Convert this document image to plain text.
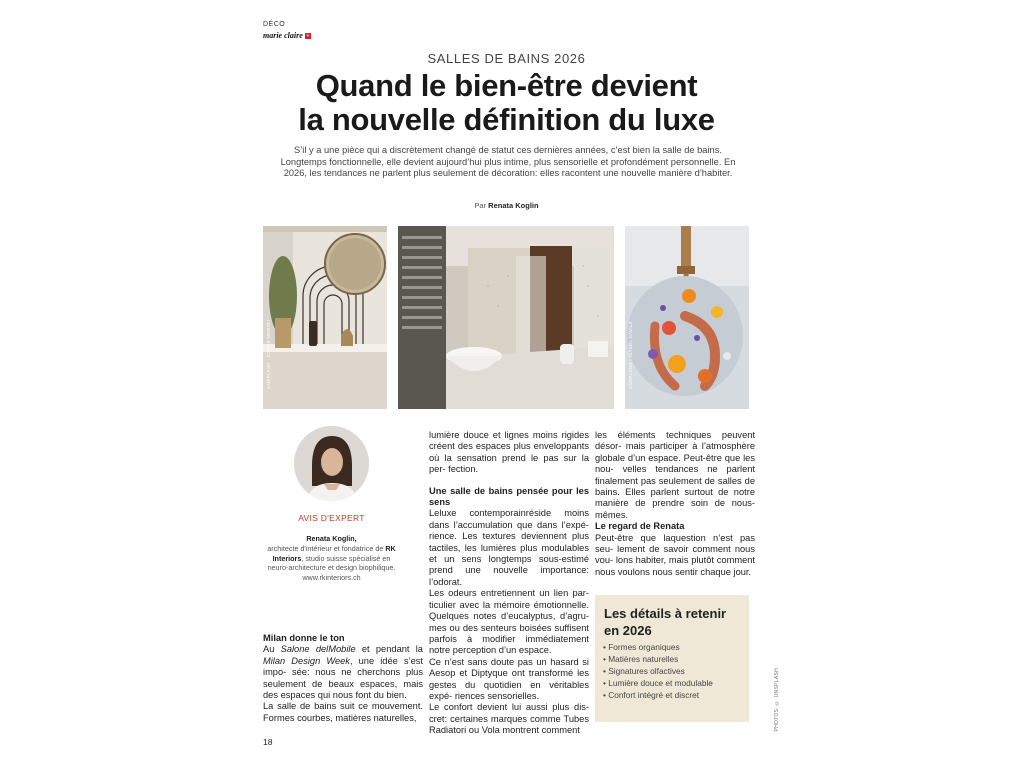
DÉCO
marie claire +
SALLES DE BAINS 2026
Quand le bien-être devient
la nouvelle définition du luxe
S’il y a une pièce qui a discrètement changé de statut ces dernières années, c’est bien la salle de bains. Longtemps fonctionnelle, elle devient aujourd’hui plus intime, plus sensorielle et profondément personnelle. En 2026, les tendances ne parlent plus seulement de décoration: elles racontent une nouvelle manière d’habiter.
Par Renata Koglin
UNSPLASH - ZOHRE NEMATI	UNSPLASH - ISABEL DAVILA
AVIS D'EXPERT
Renata Koglin,
architecte d'intérieur et fondatrice de RK Interiors, studio suisse spécialisé en neuro-architecture et design biophilique.
www.rkinteriors.ch
Milan donne le ton

Au Salone delMobile et pendant la Milan Design Week, une idée s’est impo- sée: nous ne cherchons plus seulement de beaux espaces, mais des espaces qui nous font du bien.

La salle de bains suit ce mouvement. Formes courbes, matières naturelles,

lumière douce et lignes moins rigides créent des espaces plus enveloppants où la sensation prend le pas sur la per- fection.

Une salle de bains pensée pour les sens

Leluxe contemporainréside moins dans l’accumulation que dans l’expé- rience. Les textures deviennent plus tactiles, les lumières plus modulables et un sens longtemps sous-estimé prend une nouvelle importance: l’odorat.

Les odeurs entretiennent un lien par- ticulier avec la mémoire émotionnelle. Quelques notes d’eucalyptus, d’agru- mes ou des senteurs boisées suffisent parfois à modifier immédiatement notre perception d’un espace.

Ce n’est sans doute pas un hasard si Aesop et Diptyque ont transformé les gestes du quotidien en véritables expé- riences sensorielles.

Le confort devient lui aussi plus dis- cret: certaines marques comme Tubes Radiatori ou Vola montrent comment

les éléments techniques peuvent désor- mais participer à l’atmosphère globale d’un espace. Peut-être que les nou- velles tendances ne parlent finalement pas seulement de salles de bains. Elles parlent surtout de notre manière de prendre soin de nous-mêmes.

Le regard de Renata

Peut-être que laquestion n’est pas seu- lement de savoir comment nous vou- lons habiter, mais plutôt comment nous voulons nous sentir chaque jour.

Les détails à retenir en 2026
• Formes organiques
• Matières naturelles
• Signatures olfactives
• Lumière douce et modulable
• Confort intégré et discret	PHOTOS: © UNSPLASH
18
